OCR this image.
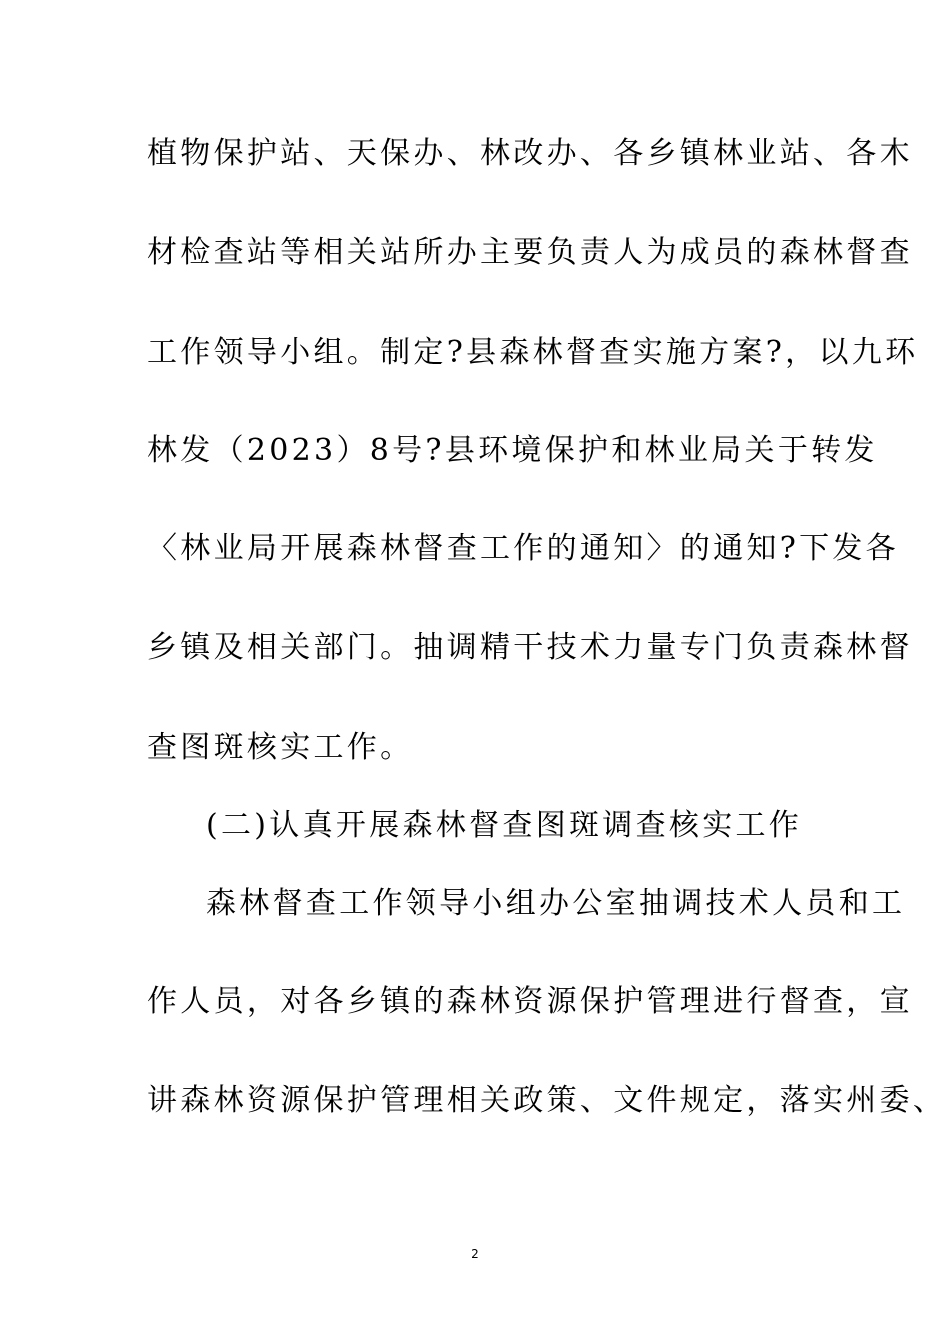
植物保护站、天保办、林改办、各乡镇林业站、各木
材检查站等相关站所办主要负责人为成员的森林督查
工作领导小组。制定?县森林督查实施方案?，以九环
林发（2023）8号?县环境保护和林业局关于转发
〈林业局开展森林督查工作的通知〉的通知?下发各
乡镇及相关部门。抽调精干技术力量专门负责森林督
查图斑核实工作。
(二)认真开展森林督查图斑调查核实工作
森林督查工作领导小组办公室抽调技术人员和工
作人员，对各乡镇的森林资源保护管理进行督查，宣
讲森林资源保护管理相关政策、文件规定，落实州委、
2
